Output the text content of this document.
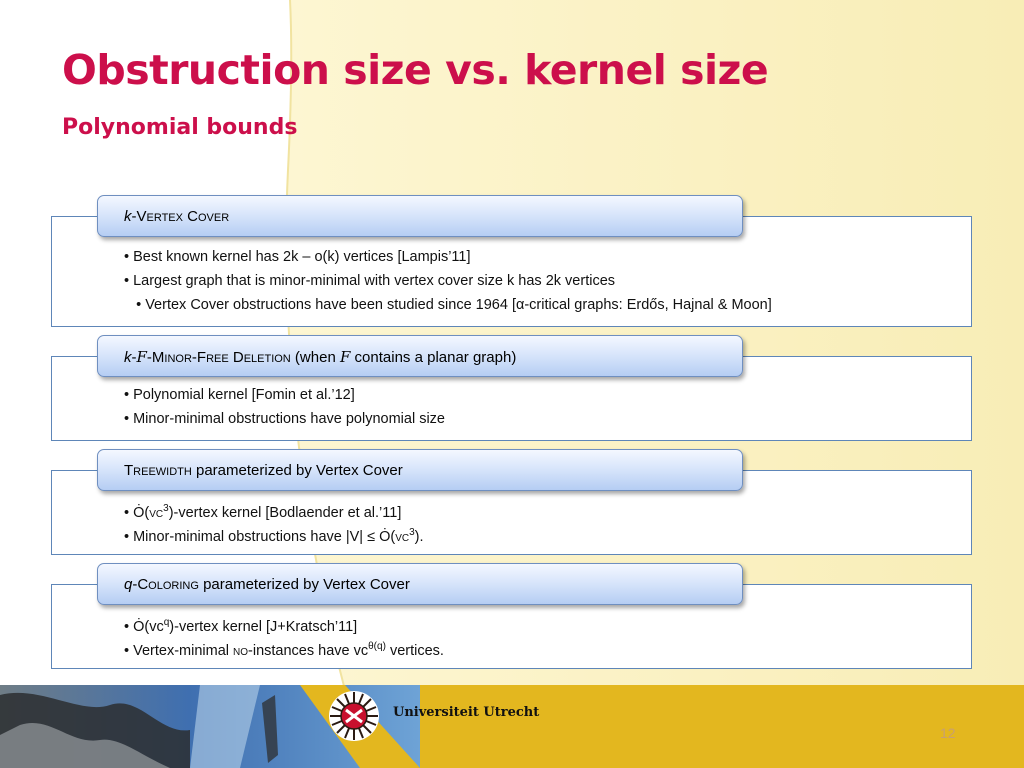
Obstruction size vs. kernel size
Polynomial bounds
• Best known kernel has 2k – o(k) vertices [Lampis’11]
• Largest graph that is minor-minimal with vertex cover size k has 2k vertices
• Vertex Cover obstructions have been studied since 1964 [α-critical graphs: Erdős, Hajnal & Moon]
k-Vertex Cover
• Polynomial kernel [Fomin et al.’12]
• Minor-minimal obstructions have polynomial size
k-F-Minor-Free Deletion (when F contains a planar graph)
• $Ȯ(vc^3)$-vertex kernel [Bodlaender et al.’11]
• Minor-minimal obstructions have $|V| \le Ȯ(vc^3)$.
Treewidth parameterized by Vertex Cover
• $Ȯ(vc^q)$-vertex kernel [J+Kratsch’11]
• Vertex-minimal no-instances have $vc^{\theta(q)}$ vertices.
q-Coloring parameterized by Vertex Cover
Universiteit Utrecht
12
